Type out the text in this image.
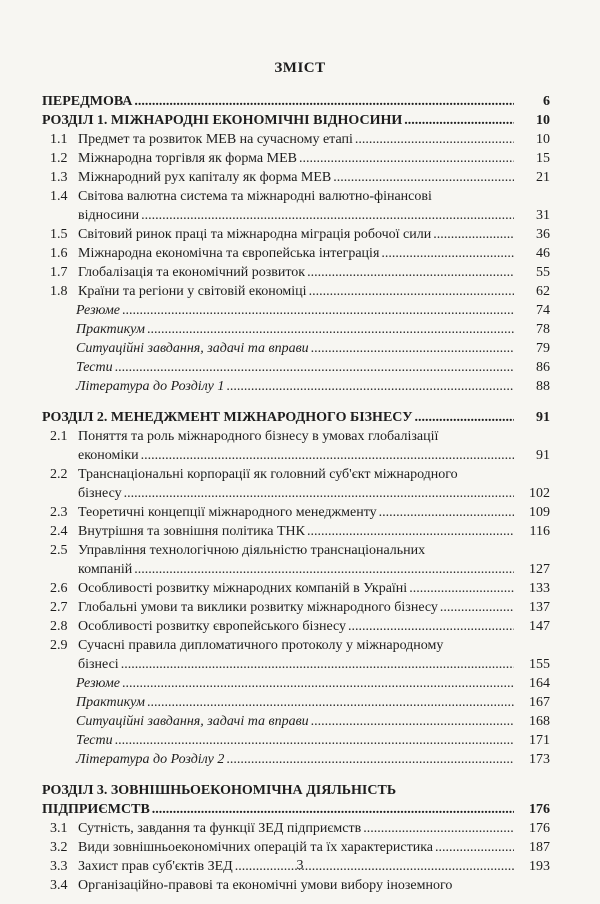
ЗМІСТ
ПЕРЕДМОВА .....	6
РОЗДІЛ 1. МІЖНАРОДНІ ЕКОНОМІЧНІ ВІДНОСИНИ .....	10
1.1 Предмет та розвиток МЕВ на сучасному етапі .....	10
1.2 Міжнародна торгівля як форма МЕВ .....	15
1.3 Міжнародний рух капіталу як форма МЕВ .....	21
1.4 Світова валютна система та міжнародні валютно-фінансові
відносини .....	31
1.5 Світовий ринок праці та міжнародна міграція робочої сили .....	36
1.6 Міжнародна економічна та європейська інтеграція .....	46
1.7 Глобалізація та економічний розвиток .....	55
1.8 Країни та регіони у світовій економіці .....	62
Резюме .....	74
Практикум .....	78
Ситуаційні завдання, задачі та вправи .....	79
Тести .....	86
Література до Розділу 1 .....	88
РОЗДІЛ 2. МЕНЕДЖМЕНТ МІЖНАРОДНОГО БІЗНЕСУ .....	91
2.1 Поняття та роль міжнародного бізнесу в умовах глобалізації
економіки .....	91
2.2 Транснаціональні корпорації як головний суб'єкт міжнародного
бізнесу .....	102
2.3 Теоретичні концепції міжнародного менеджменту .....	109
2.4 Внутрішня та зовнішня політика ТНК .....	116
2.5 Управління технологічною діяльністю транснаціональних
компаній .....	127
2.6 Особливості розвитку міжнародних компаній в Україні .....	133
2.7 Глобальні умови та виклики розвитку міжнародного бізнесу .....	137
2.8 Особливості розвитку європейського бізнесу .....	147
2.9 Сучасні правила дипломатичного протоколу у міжнародному
бізнесі .....	155
Резюме .....	164
Практикум .....	167
Ситуаційні завдання, задачі та вправи .....	168
Тести .....	171
Література до Розділу 2 .....	173
РОЗДІЛ 3. ЗОВНІШНЬОЕКОНОМІЧНА ДІЯЛЬНІСТЬ
ПІДПРИЄМСТВ .....	176
3.1 Сутність, завдання та функції ЗЕД підприємств .....	176
3.2 Види зовнішньоекономічних операцій та їх характеристика .....	187
3.3 Захист прав суб'єктів ЗЕД .....	193
3.4 Організаційно-правові та економічні умови вибору іноземного
3
